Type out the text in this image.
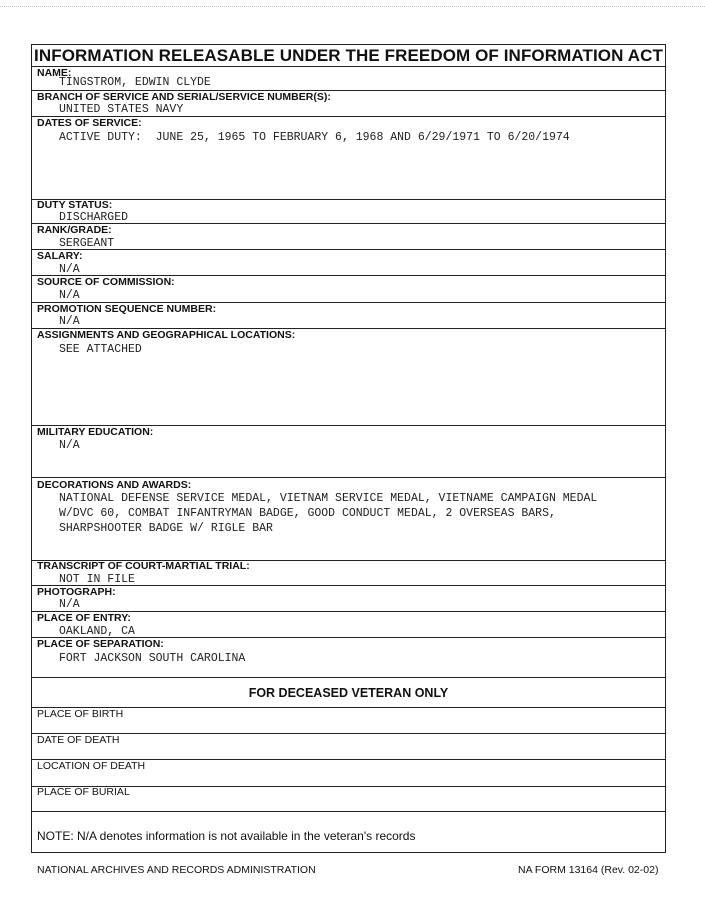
INFORMATION RELEASABLE UNDER THE FREEDOM OF INFORMATION ACT
NAME:
TINGSTROM, EDWIN CLYDE
BRANCH OF SERVICE AND SERIAL/SERVICE NUMBER(S):
UNITED STATES NAVY
DATES OF SERVICE:
ACTIVE DUTY:  JUNE 25, 1965 TO FEBRUARY 6, 1968 AND 6/29/1971 TO 6/20/1974
DUTY STATUS:
DISCHARGED
RANK/GRADE:
SERGEANT
SALARY:
N/A
SOURCE OF COMMISSION:
N/A
PROMOTION SEQUENCE NUMBER:
N/A
ASSIGNMENTS AND GEOGRAPHICAL LOCATIONS:
SEE ATTACHED
MILITARY EDUCATION:
N/A
DECORATIONS AND AWARDS:
NATIONAL DEFENSE SERVICE MEDAL, VIETNAM SERVICE MEDAL, VIETNAME CAMPAIGN MEDAL
W/DVC 60, COMBAT INFANTRYMAN BADGE, GOOD CONDUCT MEDAL, 2 OVERSEAS BARS,
SHARPSHOOTER BADGE W/ RIGLE BAR
TRANSCRIPT OF COURT-MARTIAL TRIAL:
NOT IN FILE
PHOTOGRAPH:
N/A
PLACE OF ENTRY:
OAKLAND, CA
PLACE OF SEPARATION:
FORT JACKSON SOUTH CAROLINA
FOR DECEASED VETERAN ONLY
PLACE OF BIRTH
DATE OF DEATH
LOCATION OF DEATH
PLACE OF BURIAL
NOTE: N/A denotes information is not available in the veteran's records
NATIONAL ARCHIVES AND RECORDS ADMINISTRATION	NA FORM 13164 (Rev. 02-02)
